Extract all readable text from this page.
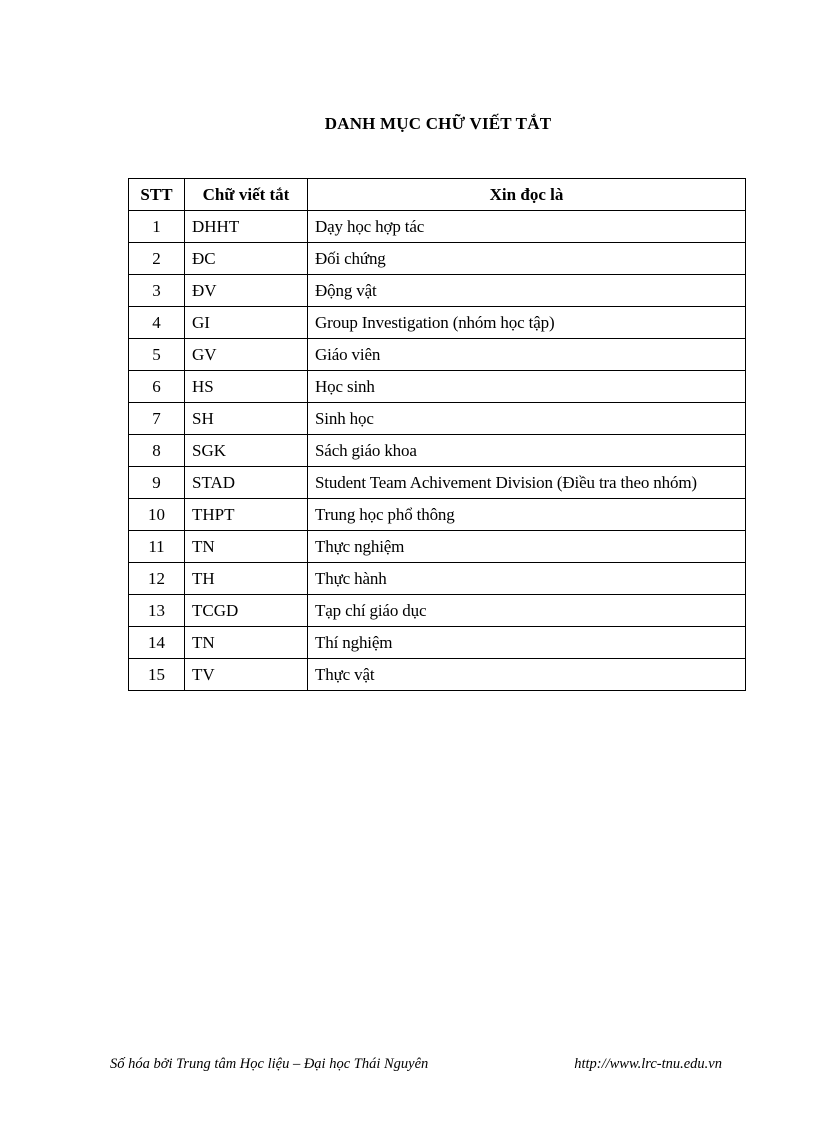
DANH MỤC CHỮ VIẾT TẮT
STT	Chữ viết tắt	Xin đọc là
1	DHHT	Dạy học hợp tác
2	ĐC	Đối chứng
3	ĐV	Động vật
4	GI	Group Investigation (nhóm học tập)
5	GV	Giáo viên
6	HS	Học sinh
7	SH	Sinh học
8	SGK	Sách giáo khoa
9	STAD	Student Team Achivement Division (Điều tra theo nhóm)
10	THPT	Trung học phổ thông
11	TN	Thực nghiệm
12	TH	Thực hành
13	TCGD	Tạp chí giáo dục
14	TN	Thí nghiệm
15	TV	Thực vật
Số hóa bởi Trung tâm Học liệu – Đại học Thái Nguyên	http://www.lrc-tnu.edu.vn
